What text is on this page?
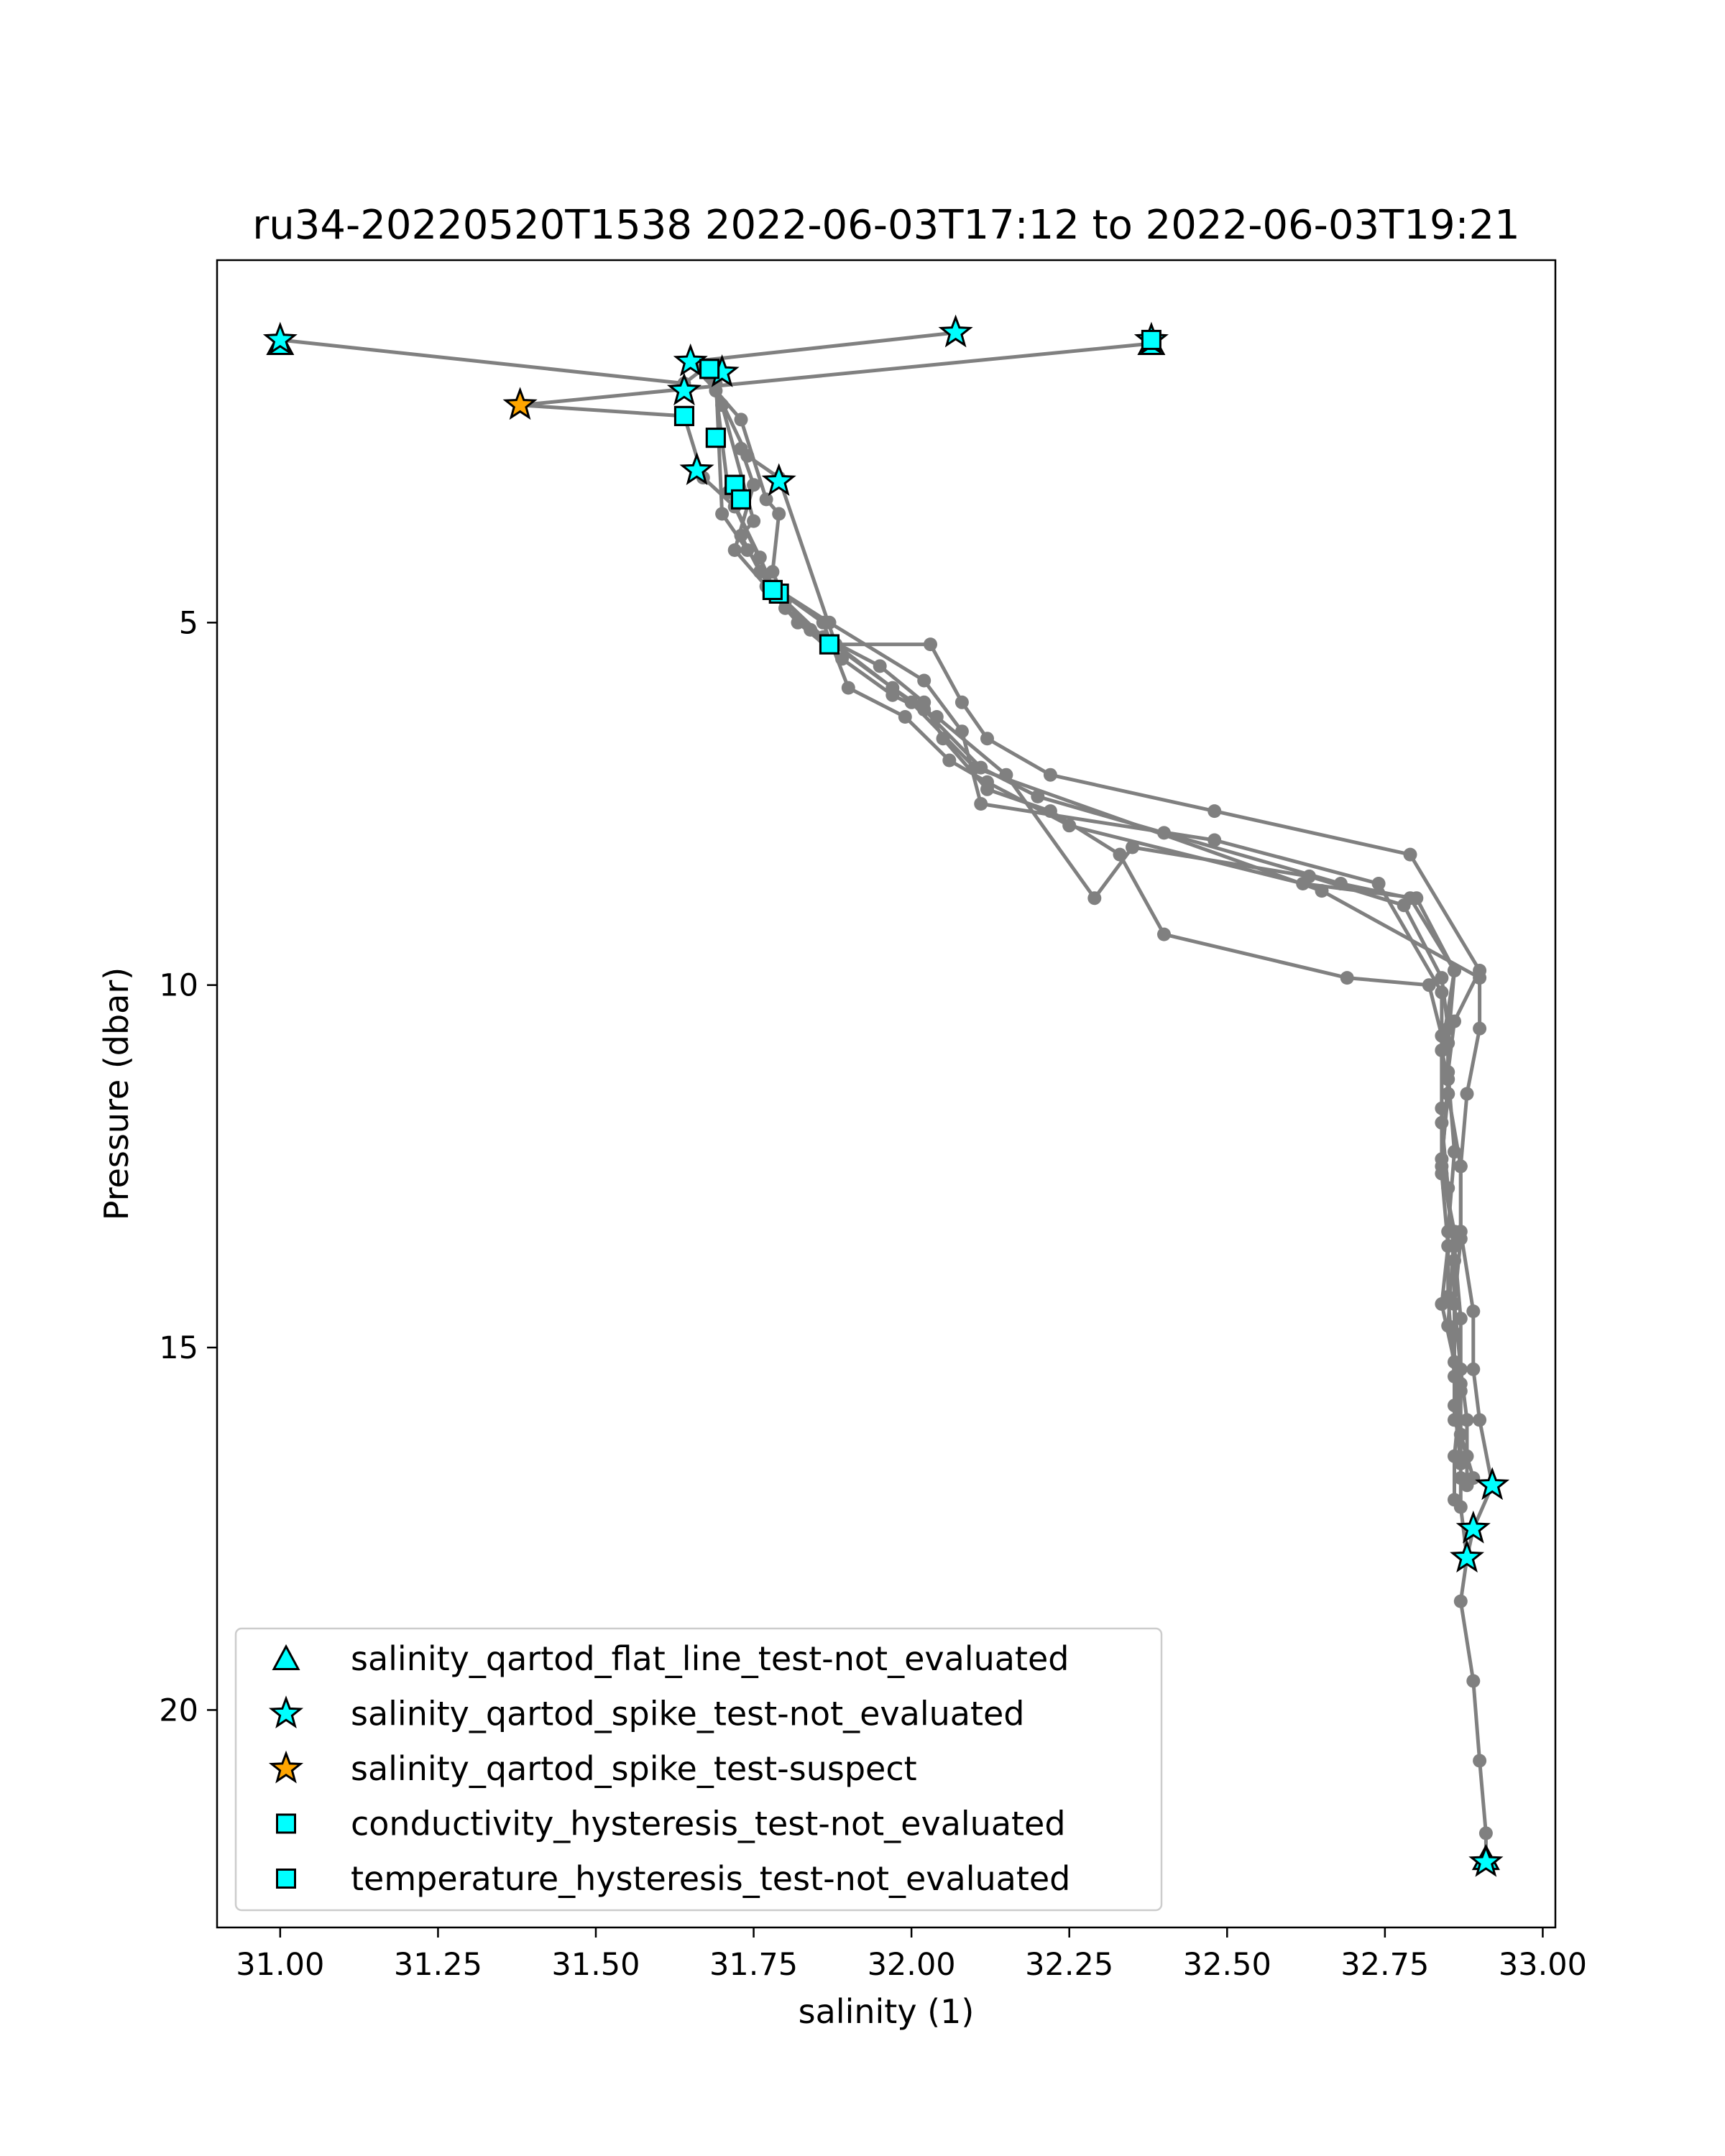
ru34-20220520T1538 2022-06-03T17:12 to 2022-06-03T19:21
31.00 31.25 31.50 31.75 32.00 32.25 32.50 32.75 33.00
5
10
15
20
salinity (1)
Pressure (dbar)
salinity_qartod_flat_line_test-not_evaluated
salinity_qartod_spike_test-not_evaluated
salinity_qartod_spike_test-suspect
conductivity_hysteresis_test-not_evaluated
temperature_hysteresis_test-not_evaluated
